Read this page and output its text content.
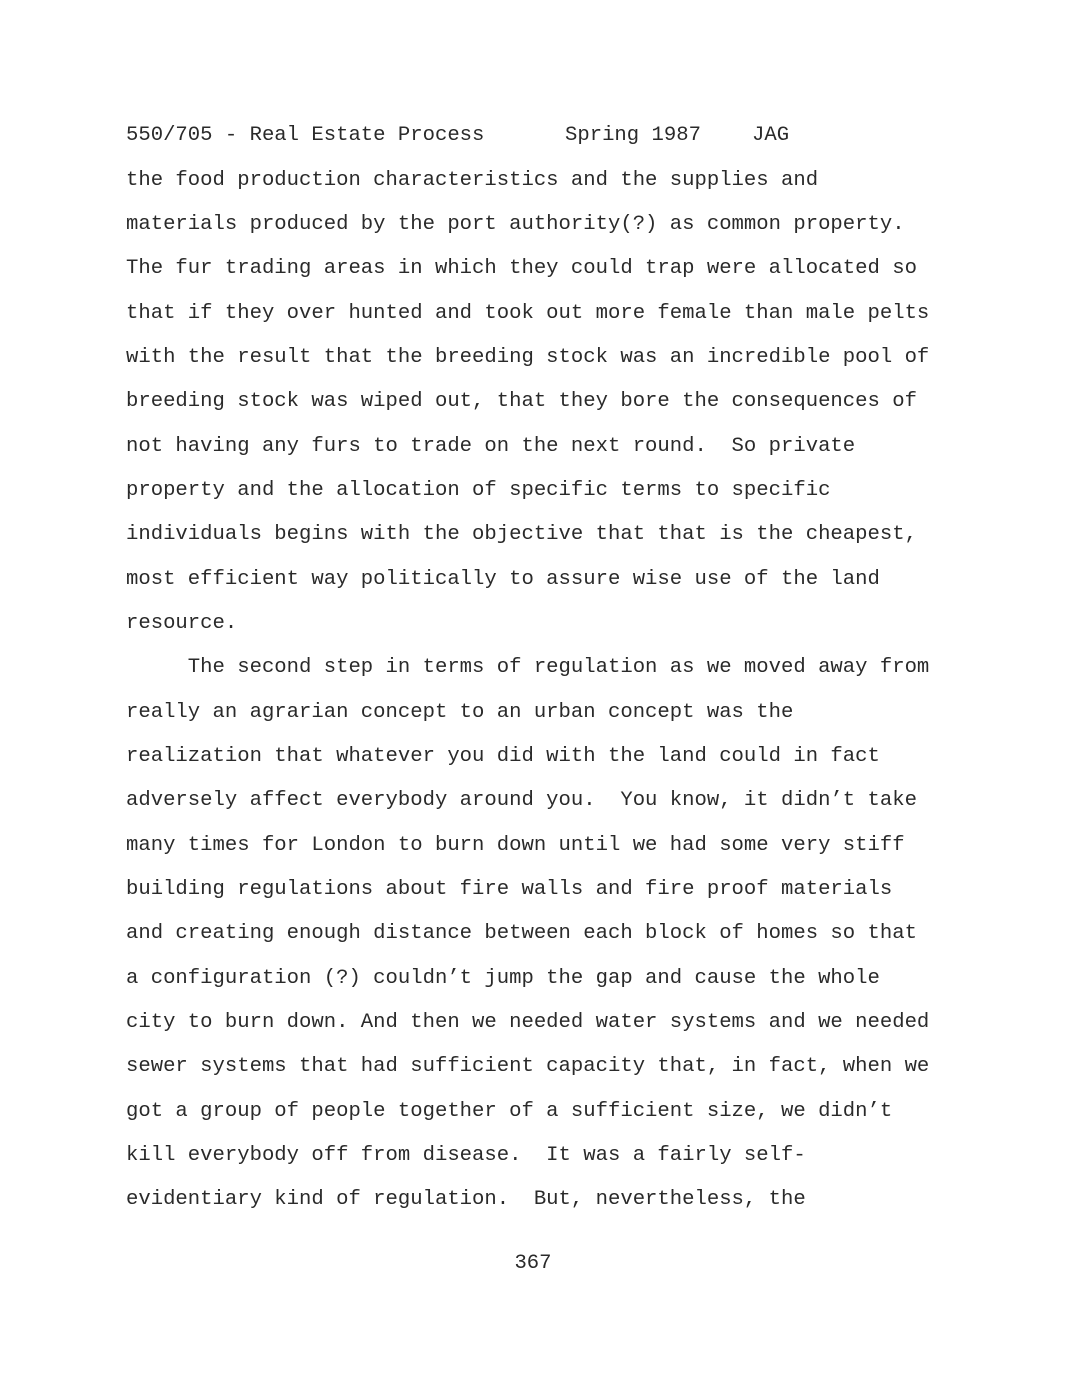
550/705 - Real Estate Process	Spring 1987 JAG
the food production characteristics and the supplies and
materials produced by the port authority(?) as common property.
The fur trading areas in which they could trap were allocated so
that if they over hunted and took out more female than male pelts
with the result that the breeding stock was an incredible pool of
breeding stock was wiped out, that they bore the consequences of
not having any furs to trade on the next round.  So private
property and the allocation of specific terms to specific
individuals begins with the objective that that is the cheapest,
most efficient way politically to assure wise use of the land
resource.
The second step in terms of regulation as we moved away from
really an agrarian concept to an urban concept was the
realization that whatever you did with the land could in fact
adversely affect everybody around you.  You know, it didn’t take
many times for London to burn down until we had some very stiff
building regulations about fire walls and fire proof materials
and creating enough distance between each block of homes so that
a configuration (?) couldn’t jump the gap and cause the whole
city to burn down. And then we needed water systems and we needed
sewer systems that had sufficient capacity that, in fact, when we
got a group of people together of a sufficient size, we didn’t
kill everybody off from disease.  It was a fairly self-
evidentiary kind of regulation.  But, nevertheless, the
367
